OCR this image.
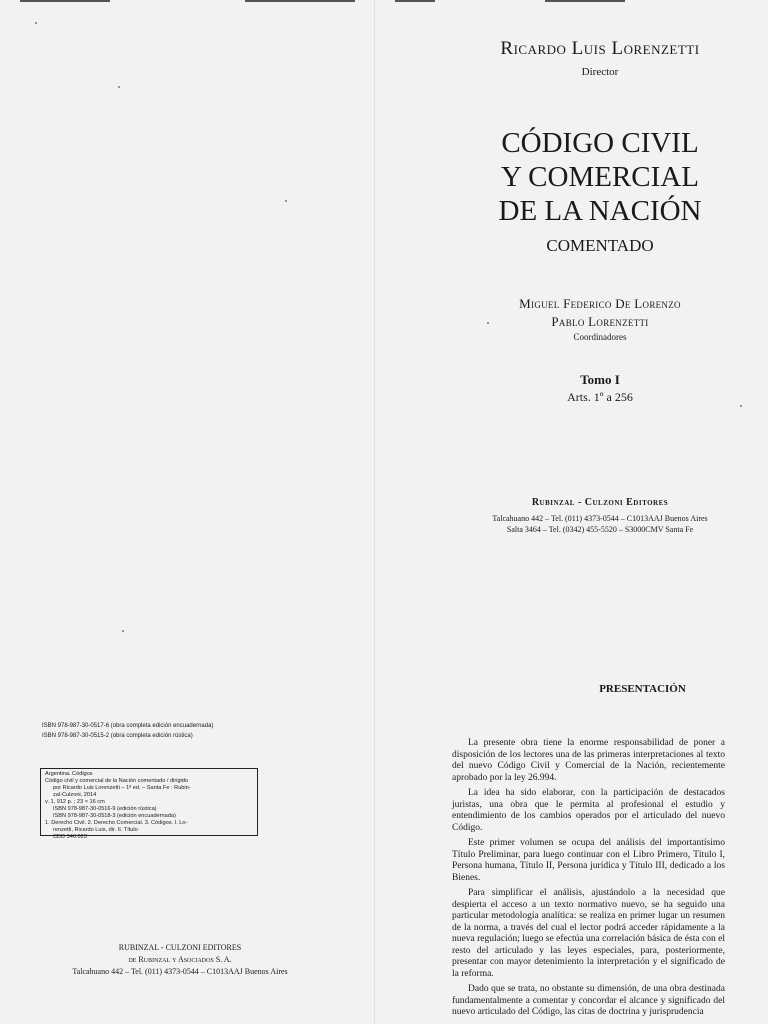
ISBN 978-987-30-0517-6 (obra completa edición encuadernada)
ISBN 978-987-30-0515-2 (obra completa edición rústica)
Argentina. Códigos
Código civil y comercial de la Nación comentado / dirigido
por Ricardo Luis Lorenzetti – 1ª ed. – Santa Fe : Rubin-
zal-Culzoni, 2014
v. 1, 912 p. ; 23 × 16 cm
ISBN 978-987-30-0516-9 (edición rústica)
ISBN 978-987-30-0518-3 (edición encuadernada)
1. Derecho Civil. 2. Derecho Comercial. 3. Códigos. I. Lo-
renzetti, Ricardo Luis, dir. II. Título
CDD 346.023
RUBINZAL - CULZONI EDITORES
de Rubinzal y Asociados S. A.
Talcahuano 442 – Tel. (011) 4373-0544 – C1013AAJ Buenos Aires
Ricardo Luis Lorenzetti
Director
CÓDIGO CIVIL
Y COMERCIAL
DE LA NACIÓN
COMENTADO
Miguel Federico De Lorenzo
Pablo Lorenzetti
Coordinadores
Tomo I
Arts. 1º a 256
Rubinzal - Culzoni Editores
Talcahuano 442 – Tel. (011) 4373-0544 – C1013AAJ Buenos Aires
Salta 3464 – Tel. (0342) 455-5520 – S3000CMV Santa Fe
PRESENTACIÓN

La presente obra tiene la enorme responsabilidad de poner a disposición de los lectores una de las primeras interpretaciones al texto del nuevo Código Civil y Comercial de la Nación, recientemente aprobado por la ley 26.994.

La idea ha sido elaborar, con la participación de destacados juristas, una obra que le permita al profesional el estudio y entendimiento de los cambios operados por el articulado del nuevo Código.

Este primer volumen se ocupa del análisis del importantísimo Título Preliminar, para luego continuar con el Libro Primero, Título I, Persona humana, Título II, Persona jurídica y Título III, dedicado a los Bienes.

Para simplificar el análisis, ajustándolo a la necesidad que despierta el acceso a un texto normativo nuevo, se ha seguido una particular metodología analítica: se realiza en primer lugar un resumen de la norma, a través del cual el lector podrá acceder rápidamente a la nueva regulación; luego se efectúa una correlación básica de ésta con el resto del articulado y las leyes especiales, para, posteriormente, presentar con mayor detenimiento la interpretación y el significado de la reforma.

Dado que se trata, no obstante su dimensión, de una obra destinada fundamentalmente a comentar y concordar el alcance y significado del nuevo articulado del Código, las citas de doctrina y jurisprudencia
